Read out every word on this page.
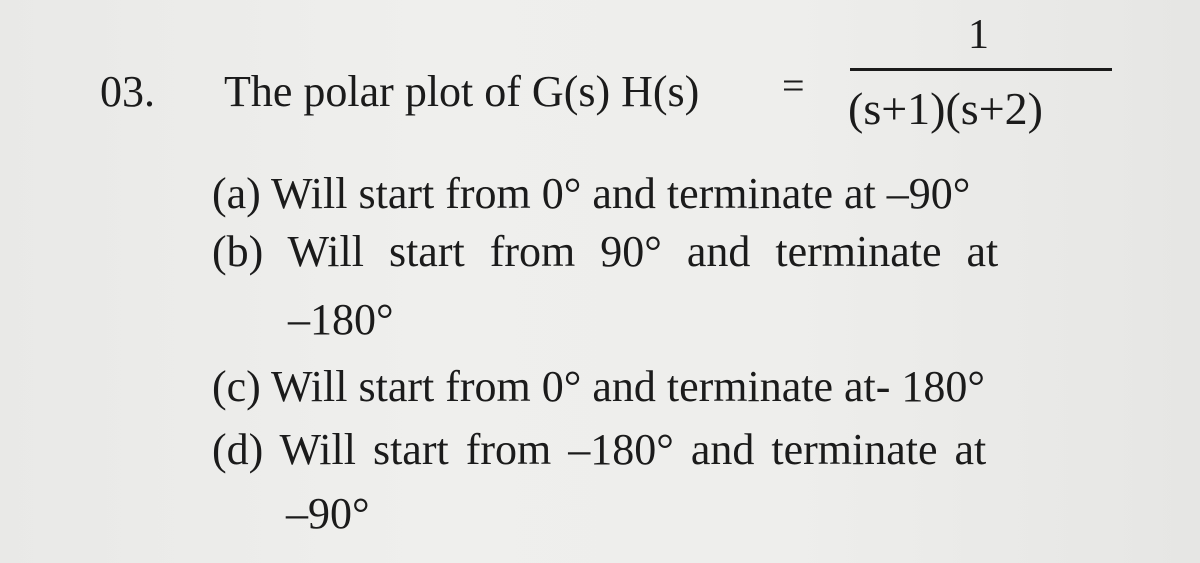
03. The polar plot of G(s) H(s) =
1
(s+1)(s+2)
(a) Will start from 0° and terminate at –90°
(b) Will start from 90° and terminate at
–180°
(c) Will start from 0° and terminate at- 180°
(d) Will start from –180° and terminate at
–90°
